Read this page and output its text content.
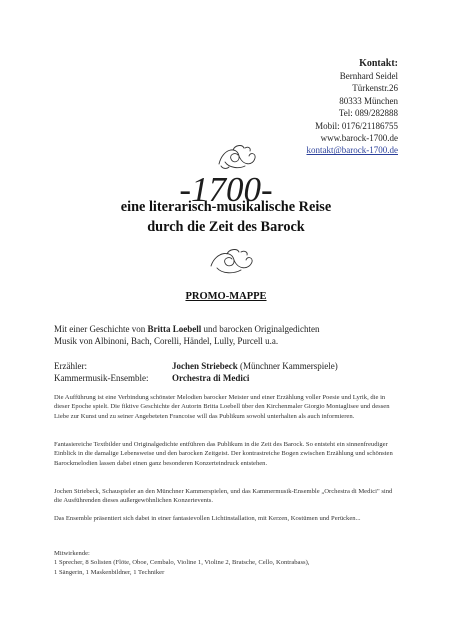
Kontakt:
Bernhard Seidel
Türkenstr.26
80333 München
Tel: 089/282888
Mobil: 0176/21186755
www.barock-1700.de
kontakt@barock-1700.de
-1700-
eine literarisch-musikalische Reise
durch die Zeit des Barock
PROMO-MAPPE
Mit einer Geschichte von Britta Loebell und barocken Originalgedichten
Musik von Albinoni, Bach, Corelli, Händel, Lully, Purcell u.a.
Erzähler:	Jochen Striebeck (Münchner Kammerspiele)
Kammermusik-Ensemble:	Orchestra di Medici
Die Aufführung ist eine Verbindung schönster Melodien barocker Meister und einer Erzählung voller Poesie und Lyrik, die in dieser Epoche spielt. Die fiktive Geschichte der Autorin Britta Loebell über den Kirchenmaler Giorgio Montaglisee und dessen Liebe zur Kunst und zu seiner Angebeteten Francoise will das Publikum sowohl unterhalten als auch informieren.
Fantasiereiche Textbilder und Originalgedichte entführen das Publikum in die Zeit des Barock. So entsteht ein sinnenfreudiger Einblick in die damalige Lebensweise und den barocken Zeitgeist. Der kontrastreiche Bogen zwischen Erzählung und schönsten Barockmelodien lassen dabei einen ganz besonderen Konzerteindruck entstehen.
Jochen Striebeck, Schauspieler an den Münchner Kammerspielen, und das Kammermusik-Ensemble „Orchestra di Medici" sind die Ausführenden dieses außergewöhnlichen Konzertevents.
Das Ensemble präsentiert sich dabei in einer fantasievollen Lichtinstallation, mit Kerzen, Kostümen und Perücken...
Mitwirkende:
1 Sprecher, 8 Solisten (Flöte, Oboe, Cembalo, Violine 1, Violine 2, Bratsche, Cello, Kontrabass),
1 Sängerin, 1 Maskenbildner, 1 Techniker
